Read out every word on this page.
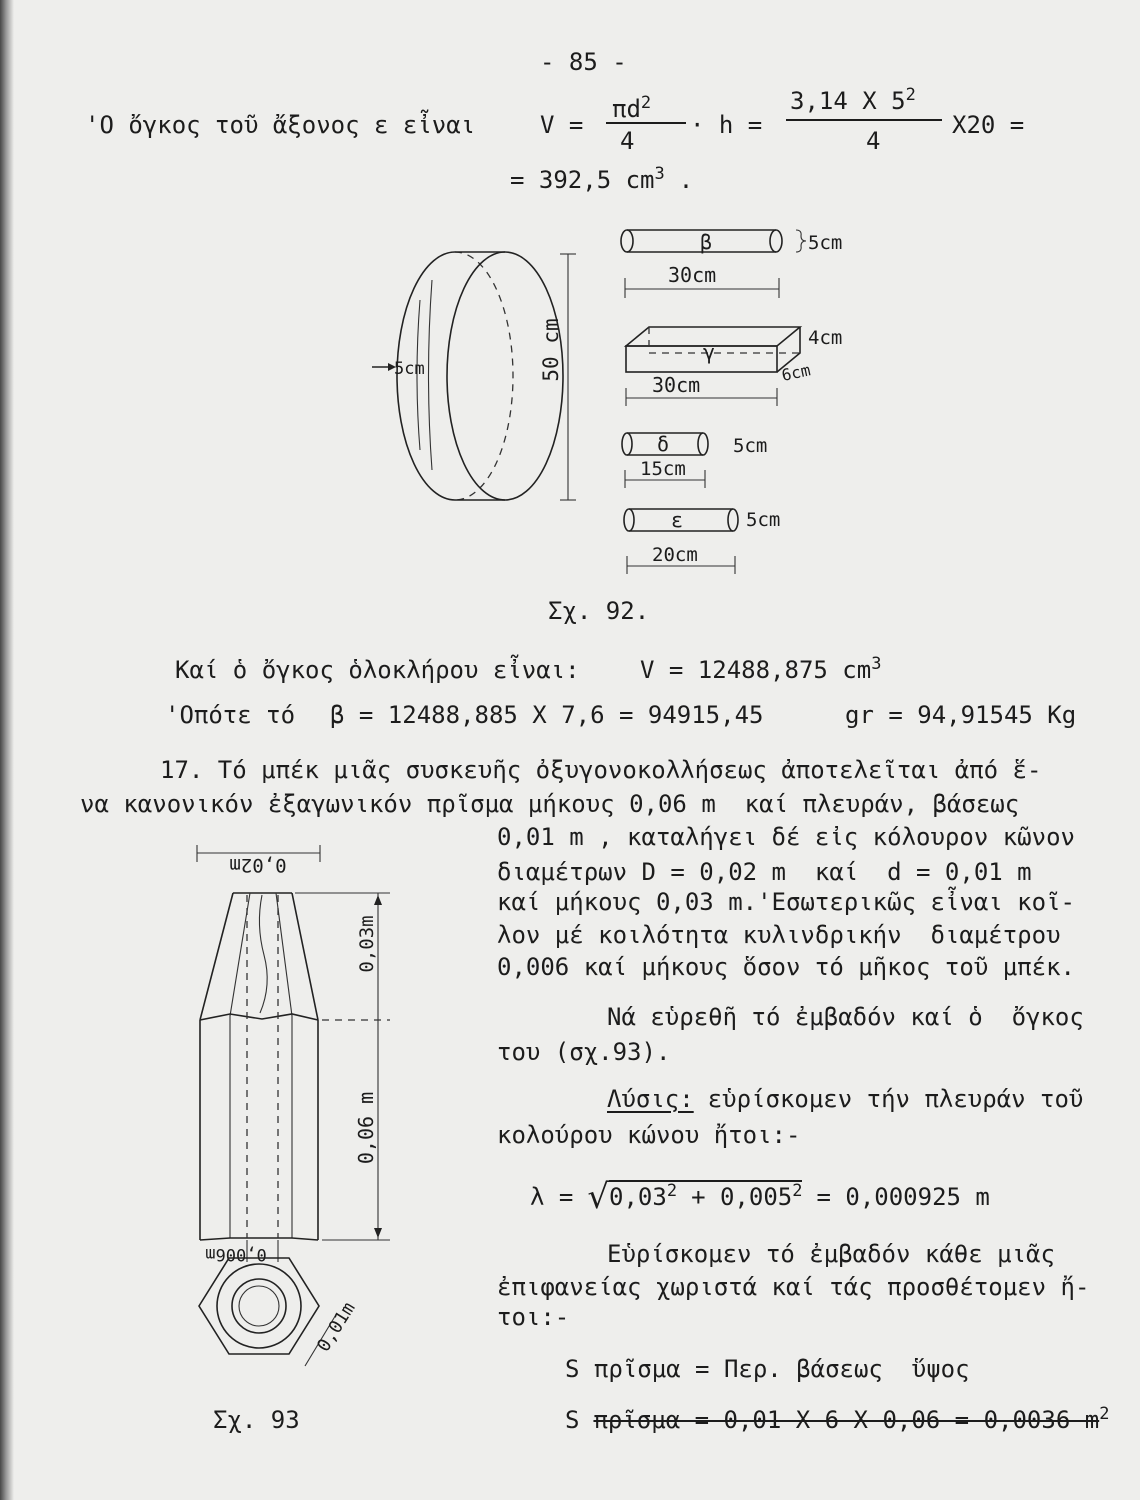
- 85 -
'Ο ὄγκος τοῦ ἄξονος ε εἶναι	V =
$\pi d^2$
4
· h =
3,14 X $5^2$
4
X20 =
= 392,5 $cm^3$ .
5cm	50 cm
β	5cm
30cm
γ
4cm
6cm
30cm
δ	5cm
15cm
ε	5cm
20cm
Σχ. 92.
Καί ὁ ὄγκος ὁλοκλήρου εἶναι:	V = 12488,875 $cm^3$
'Οπότε τό β = 12488,885 X 7,6 = 94915,45	gr = 94,91545 Kg
17. Τό μπέκ μιᾶς συσκευῆς ὀξυγονοκολλήσεως ἀποτελεῖται ἀπό ἕ-
να κανονικόν ἐξαγωνικόν πρῖσμα μήκους 0,06 m  καί πλευράν, βάσεως
0,01 m , καταλήγει δέ εἰς κόλουρον κῶνον
διαμέτρων D = 0,02 m  καί  d = 0,01 m
καί μήκους 0,03 m.'Εσωτερικῶς εἶναι κοῖ-
λον μέ κοιλότητα κυλινδρικήν  διαμέτρου
0,006 καί μήκους ὅσον τό μῆκος τοῦ μπέκ.
Νά εὑρεθῆ τό ἐμβαδόν καί ὁ  ὄγκος
του (σχ.93).
Λύσις: εὑρίσκομεν τήν πλευράν τοῦ
κολούρου κώνου ἤτοι:-
$\lambda = √0,03^2 + 0,005^2 = 0,000925$ m
Εὑρίσκομεν τό ἐμβαδόν κάθε μιᾶς
ἐπιφανείας χωριστά καί τάς προσθέτομεν ἤ-
τοι:-
S πρῖσμα = Περ. βάσεως  ὕψος
S πρῖσμα = 0,01 X 6 X 0,06 = 0,0036 $m^2$
0,02m
0,03m
0,06 m
0,006m
0,01m
Σχ. 93
